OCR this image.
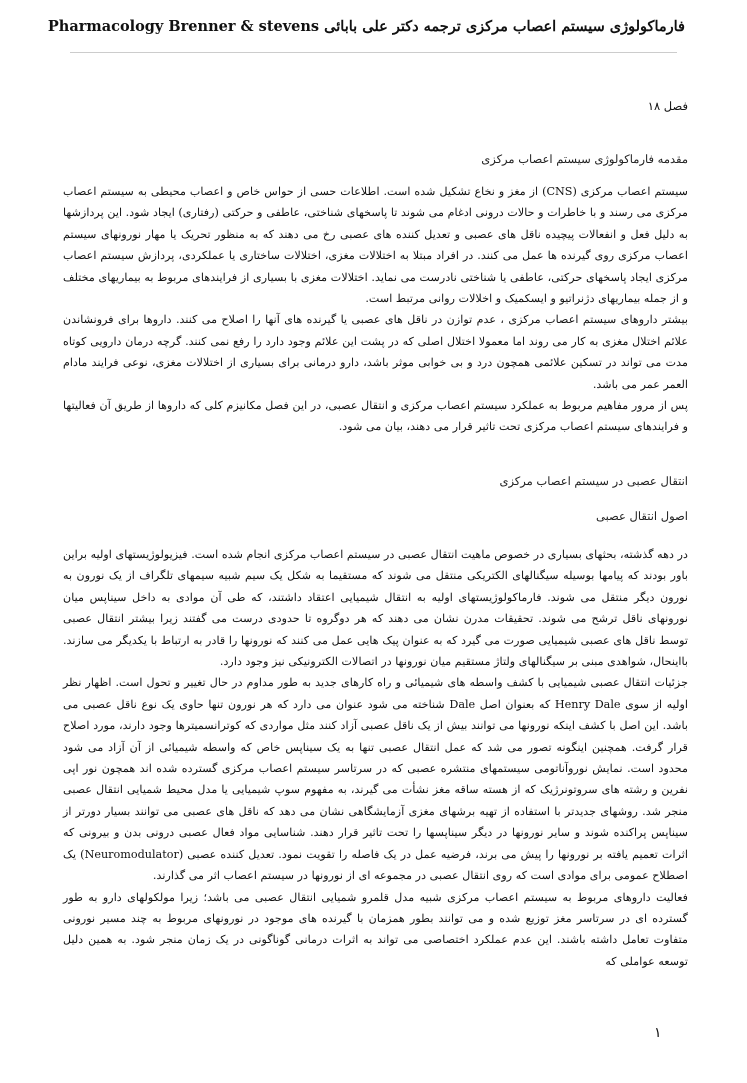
فارماکولوژی سیستم اعصاب مرکزی ترجمه دکتر علی بابائی Pharmacology Brenner & stevens
فصل ۱۸
مقدمه فارماکولوژی سیستم اعصاب مرکزی

سیستم اعصاب مرکزی (CNS) از مغز و نخاع تشکیل شده است. اطلاعات حسی از حواس خاص و اعصاب محیطی به سیستم اعصاب مرکزی می رسند و با خاطرات و حالات درونی ادغام می شوند تا پاسخهای شناختی، عاطفی و حرکتی (رفتاری) ایجاد شود. این پردازشها به دلیل فعل و انفعالات پیچیده ناقل های عصبی و تعدیل کننده های عصبی رخ می دهند که به منظور تحریک یا مهار نورونهای سیستم اعصاب مرکزی روی گیرنده ها عمل می کنند. در افراد مبتلا به اختلالات مغزی، اختلالات ساختاری یا عملکردی، پردازش سیستم اعصاب مرکزی ایجاد پاسخهای حرکتی، عاطفی یا شناختی نادرست می نماید. اختلالات مغزی با بسیاری از فرایندهای مربوط به بیماریهای مختلف و از جمله بیماریهای دژنراتیو و ایسکمیک و اخلالات روانی مرتبط است.

بیشتر داروهای سیستم اعصاب مرکزی ، عدم توازن در ناقل های عصبی یا گیرنده های آنها را اصلاح می کنند. داروها برای فرونشاندن علائم اختلال مغزی به کار می روند اما معمولا اختلال اصلی که در پشت این علائم وجود دارد را رفع نمی کنند. گرچه درمان دارویی کوتاه مدت می تواند در تسکین علائمی همچون درد و بی خوابی موثر باشد، دارو درمانی برای بسیاری از اختلالات مغزی، نوعی فرایند مادام العمر عمر می باشد.

پس از مرور مفاهیم مربوط به عملکرد سیستم اعصاب مرکزی و انتقال عصبی، در این فصل مکانیزم کلی که داروها از طریق آن فعالیتها و فرایندهای سیستم اعصاب مرکزی تحت تاثیر قرار می دهند، بیان می شود.

انتقال عصبی در سیستم اعصاب مرکزی
اصول انتقال عصبی

در دهه گذشته، بحثهای بسیاری در خصوص ماهیت انتقال عصبی در سیستم اعصاب مرکزی انجام شده است. فیزیولوژیستهای اولیه براین باور بودند که پیامها بوسیله سیگنالهای الکتریکی منتقل می شوند که مستقیما به شکل یک سیم شبیه سیمهای تلگراف از یک نورون به نورون دیگر منتقل می شوند. فارماکولوژیستهای اولیه به انتقال شیمیایی اعتقاد داشتند، که طی آن موادی به داخل سیناپس میان نورونهای ناقل ترشح می شوند. تحقیقات مدرن نشان می دهند که هر دوگروه تا حدودی درست می گفتند زیرا بیشتر انتقال عصبی توسط ناقل های عصبی شیمیایی صورت می گیرد که به عنوان پیک هایی عمل می کنند که نورونها را قادر به ارتباط با یکدیگر می سازند. بااینحال، شواهدی مبنی بر سیگنالهای ولتاژ مستقیم میان نورونها در اتصالات الکترونیکی نیز وجود دارد.

جزئیات انتقال عصبی شیمیایی با کشف واسطه های شیمیائی و راه کارهای جدید به طور مداوم در حال تغییر و تحول است. اظهار نظر اولیه از سوی Henry Dale که بعنوان اصل Dale شناخته می شود عنوان می دارد که هر نورون تنها حاوی یک نوع ناقل عصبی می باشد. این اصل با کشف اینکه نورونها می توانند بیش از یک ناقل عصبی آزاد کنند مثل مواردی که کوترانسمیترها وجود دارند، مورد اصلاح قرار گرفت. همچنین اینگونه تصور می شد که عمل انتقال عصبی تنها به یک سیناپس خاص که واسطه شیمیائی از آن آزاد می شود محدود است. نمایش نوروآناتومی سیستمهای منتشره عصبی که در سرتاسر سیستم اعصاب مرکزی گسترده شده اند همچون نور اپی نفرین و رشته های سروتونرژیک که از هسته ساقه مغز نشأت می گیرند، به مفهوم سوپ شیمیایی یا مدل محیط شمیایی انتقال عصبی منجر شد. روشهای جدیدتر با استفاده از تهیه برشهای مغزی آزمایشگاهی نشان می دهد که ناقل های عصبی می توانند بسیار دورتر از سیناپس پراکنده شوند و سایر نورونها در دیگر سیناپسها را تحت تاثیر قرار دهند. شناسایی مواد فعال عصبی درونی بدن و بیرونی که اثرات تعمیم یافته بر نورونها را پیش می برند، فرضیه عمل در یک فاصله را تقویت نمود. تعدیل کننده عصبی (Neuromodulator) یک اصطلاح عمومی برای موادی است که روی انتقال عصبی در مجموعه ای از نورونها در سیستم اعصاب اثر می گذارند.

فعالیت داروهای مربوط به سیستم اعصاب مرکزی شبیه مدل قلمرو شمیایی انتقال عصبی می باشد؛ زیرا مولکولهای دارو به طور گسترده ای در سرتاسر مغز توزیع شده و می توانند بطور همزمان با گیرنده های موجود در نورونهای مربوط به چند مسیر نورونی متفاوت تعامل داشته باشند. این عدم عملکرد اختصاصی می تواند به اثرات درمانی گوناگونی در یک زمان منجر شود. به همین دلیل توسعه عواملی که

۱
